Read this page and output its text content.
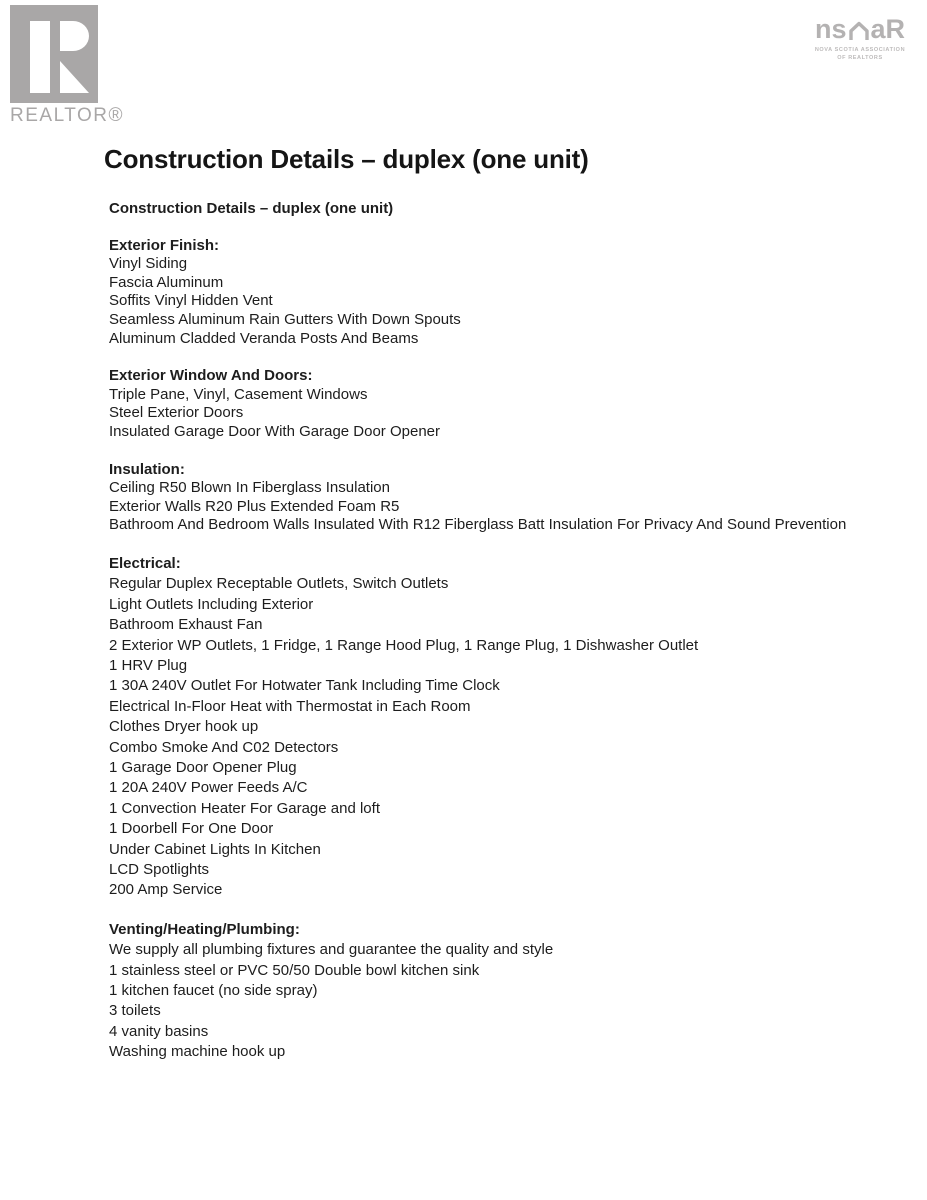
REALTOR®
ns aR
NOVA SCOTIA ASSOCIATION
OF REALTORS
Construction Details – duplex (one unit)

Construction Details – duplex (one unit)

Exterior Finish:

Vinyl Siding

Fascia Aluminum

Soffits Vinyl Hidden Vent

Seamless Aluminum Rain Gutters With Down Spouts

Aluminum Cladded Veranda Posts And Beams

Exterior Window And Doors:

Triple Pane, Vinyl, Casement Windows

Steel Exterior Doors

Insulated Garage Door With Garage Door Opener

Insulation:

Ceiling R50 Blown In Fiberglass Insulation

Exterior Walls R20 Plus Extended Foam R5

Bathroom And Bedroom Walls Insulated With R12 Fiberglass Batt Insulation For Privacy And Sound Prevention

Electrical:

Regular Duplex Receptable Outlets, Switch Outlets

Light Outlets Including Exterior

Bathroom Exhaust Fan

2 Exterior WP Outlets, 1 Fridge, 1 Range Hood Plug, 1 Range Plug, 1 Dishwasher Outlet

1 HRV Plug

1 30A 240V Outlet For Hotwater Tank Including Time Clock

Electrical In-Floor Heat with Thermostat in Each Room

Clothes Dryer hook up

Combo Smoke And C02 Detectors

1 Garage Door Opener Plug

1 20A 240V Power Feeds A/C

1 Convection Heater For Garage and loft

1 Doorbell For One Door

Under Cabinet Lights In Kitchen

LCD Spotlights

200 Amp Service

Venting/Heating/Plumbing:

We supply all plumbing fixtures and guarantee the quality and style

1 stainless steel or PVC 50/50 Double bowl kitchen sink

1 kitchen faucet (no side spray)

3 toilets

4 vanity basins

Washing machine hook up
